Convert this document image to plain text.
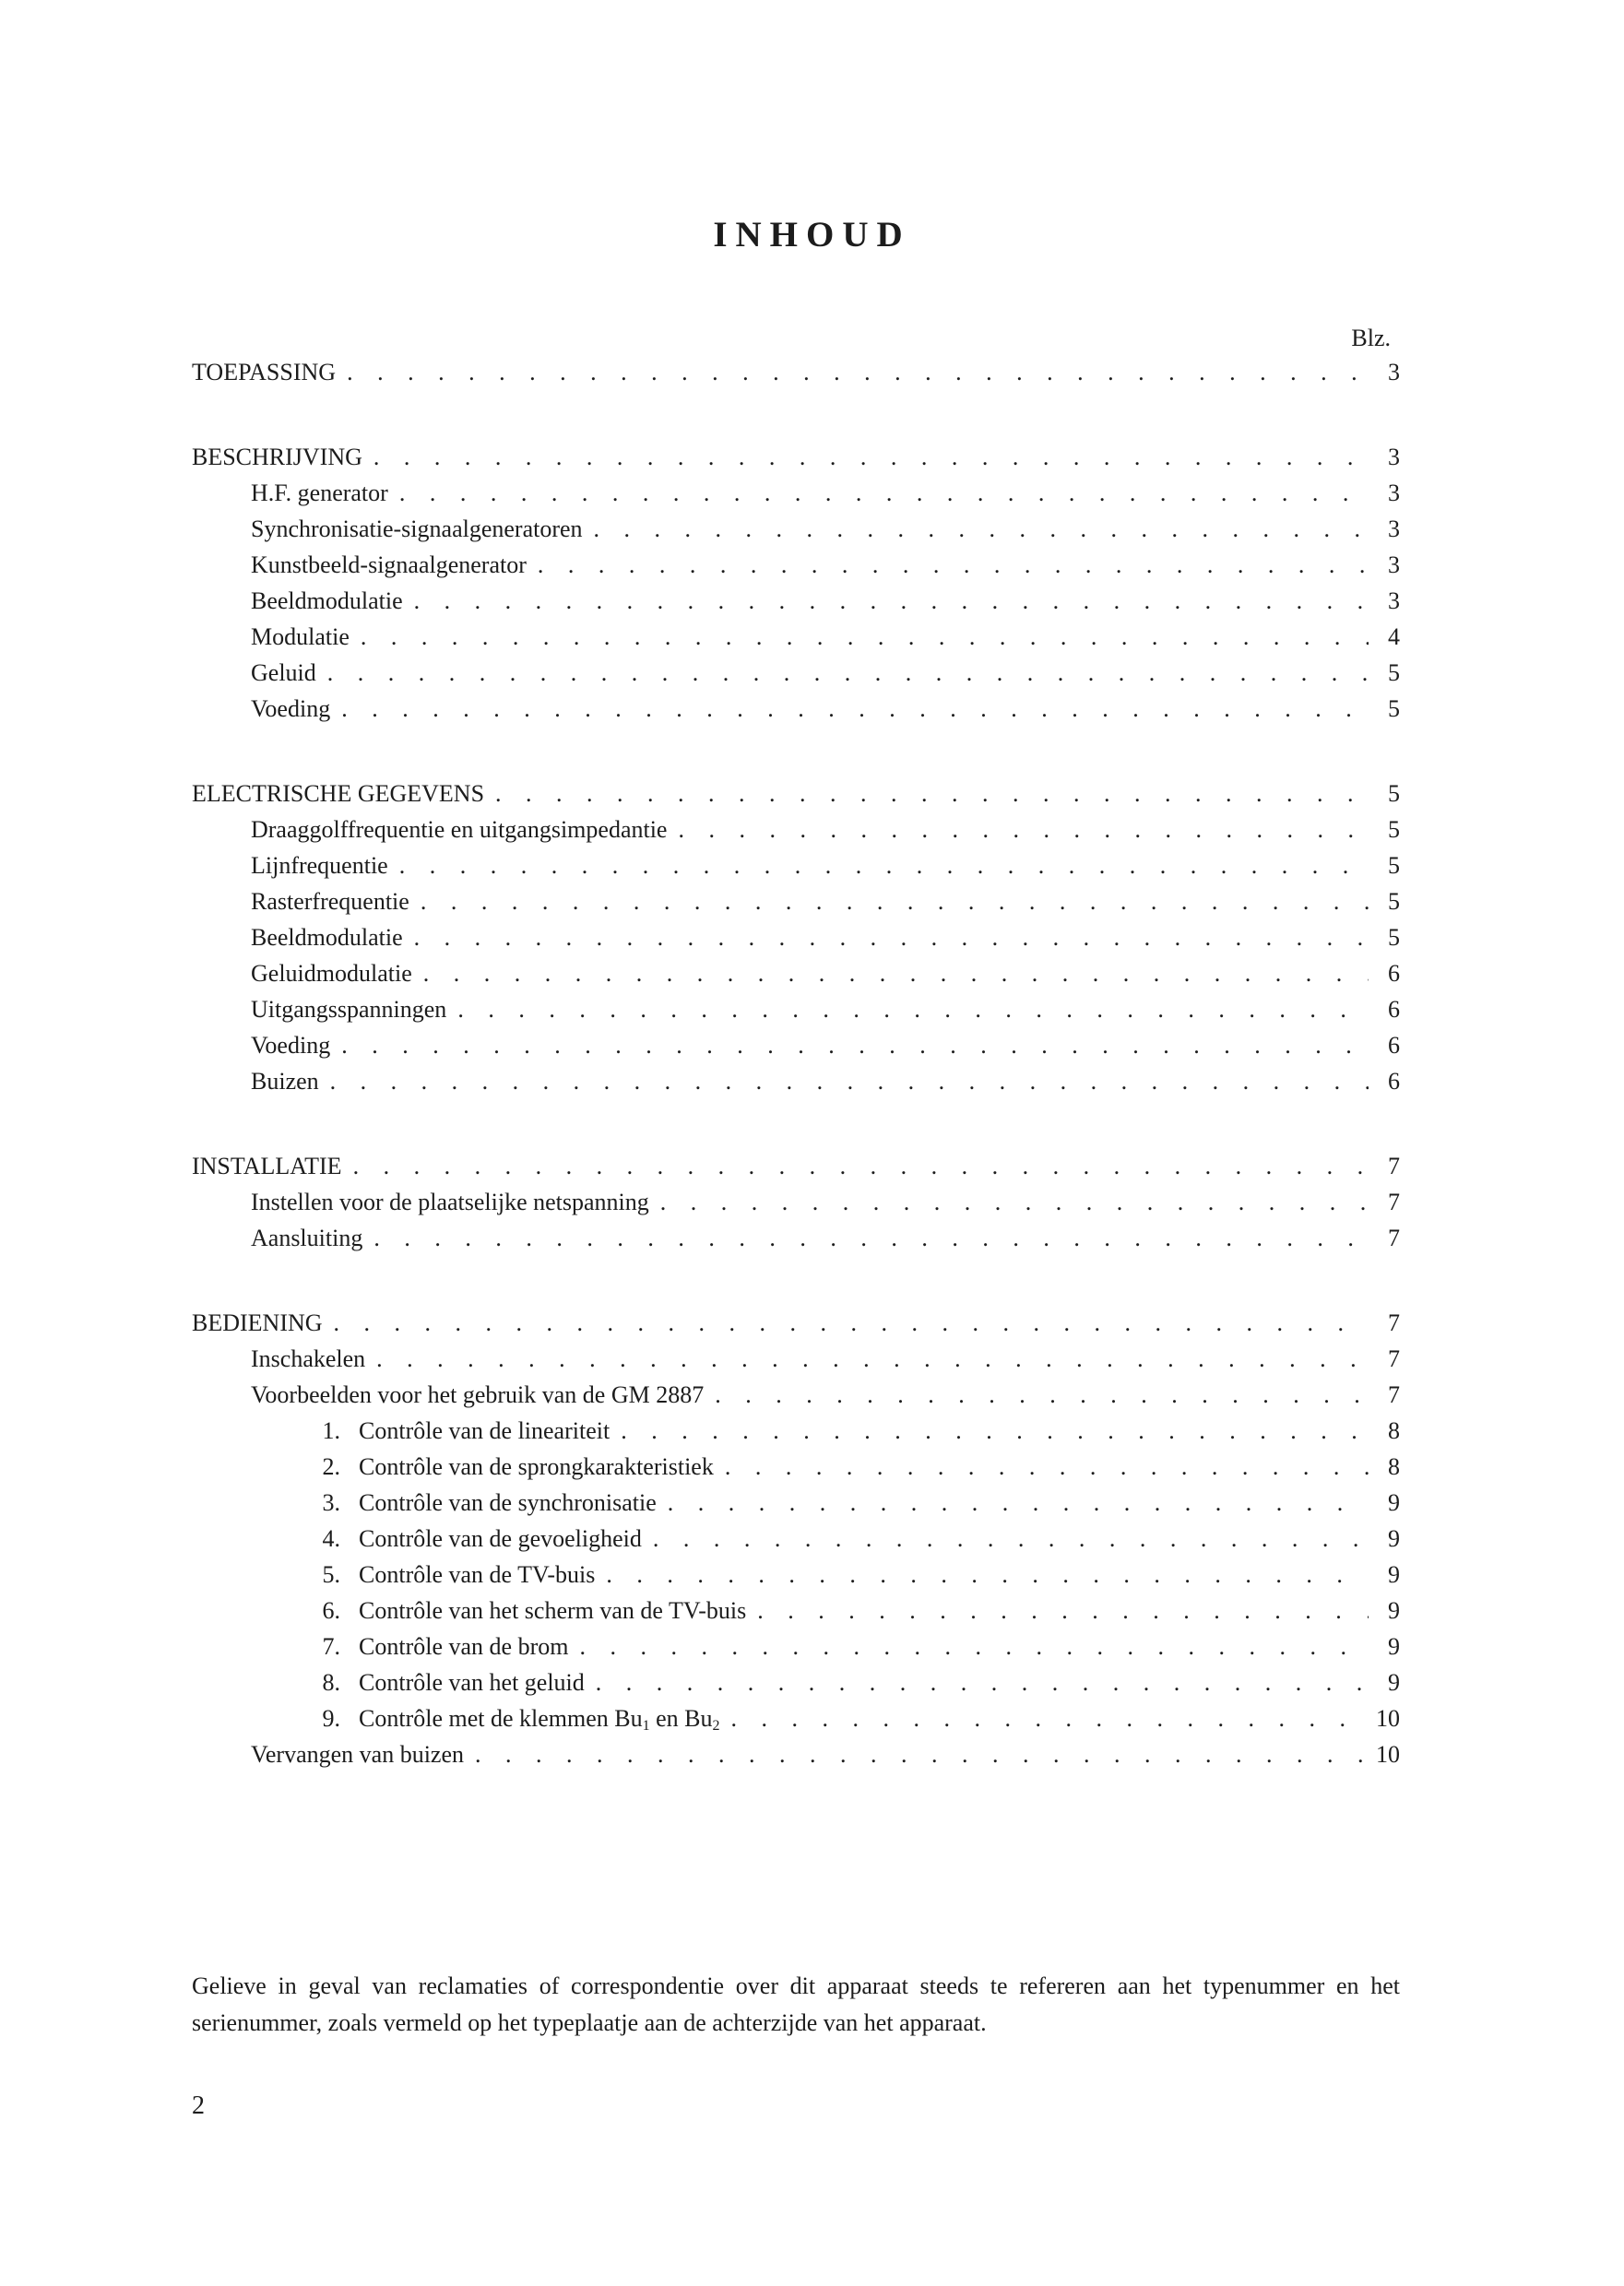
INHOUD
Blz.
TOEPASSING . . .	3
BESCHRIJVING . . .	3
H.F. generator . . .	3
Synchronisatie-signaalgeneratoren . . .	3
Kunstbeeld-signaalgenerator . . .	3
Beeldmodulatie . . .	3
Modulatie . . .	4
Geluid . . .	5
Voeding . . .	5
ELECTRISCHE GEGEVENS . . .	5
Draaggolffrequentie en uitgangsimpedantie . . .	5
Lijnfrequentie . . .	5
Rasterfrequentie . . .	5
Beeldmodulatie . . .	5
Geluidmodulatie . . .	6
Uitgangsspanningen . . .	6
Voeding . . .	6
Buizen . . .	6
INSTALLATIE . . .	7
Instellen voor de plaatselijke netspanning . . .	7
Aansluiting . . .	7
BEDIENING . . .	7
Inschakelen . . .	7
Voorbeelden voor het gebruik van de GM 2887 . . .	7
1. Contrôle van de lineariteit . . .	8
2. Contrôle van de sprongkarakteristiek . . .	8
3. Contrôle van de synchronisatie . . .	9
4. Contrôle van de gevoeligheid . . .	9
5. Contrôle van de TV-buis . . .	9
6. Contrôle van het scherm van de TV-buis . . .	9
7. Contrôle van de brom . . .	9
8. Contrôle van het geluid . . .	9
9. Contrôle met de klemmen $Bu_1$ en $Bu_2$ . . .	10
Vervangen van buizen . . .	10

Gelieve in geval van reclamaties of correspondentie over dit apparaat steeds te refereren aan het typenummer en het serienummer, zoals vermeld op het typeplaatje aan de achterzijde van het apparaat.

2
